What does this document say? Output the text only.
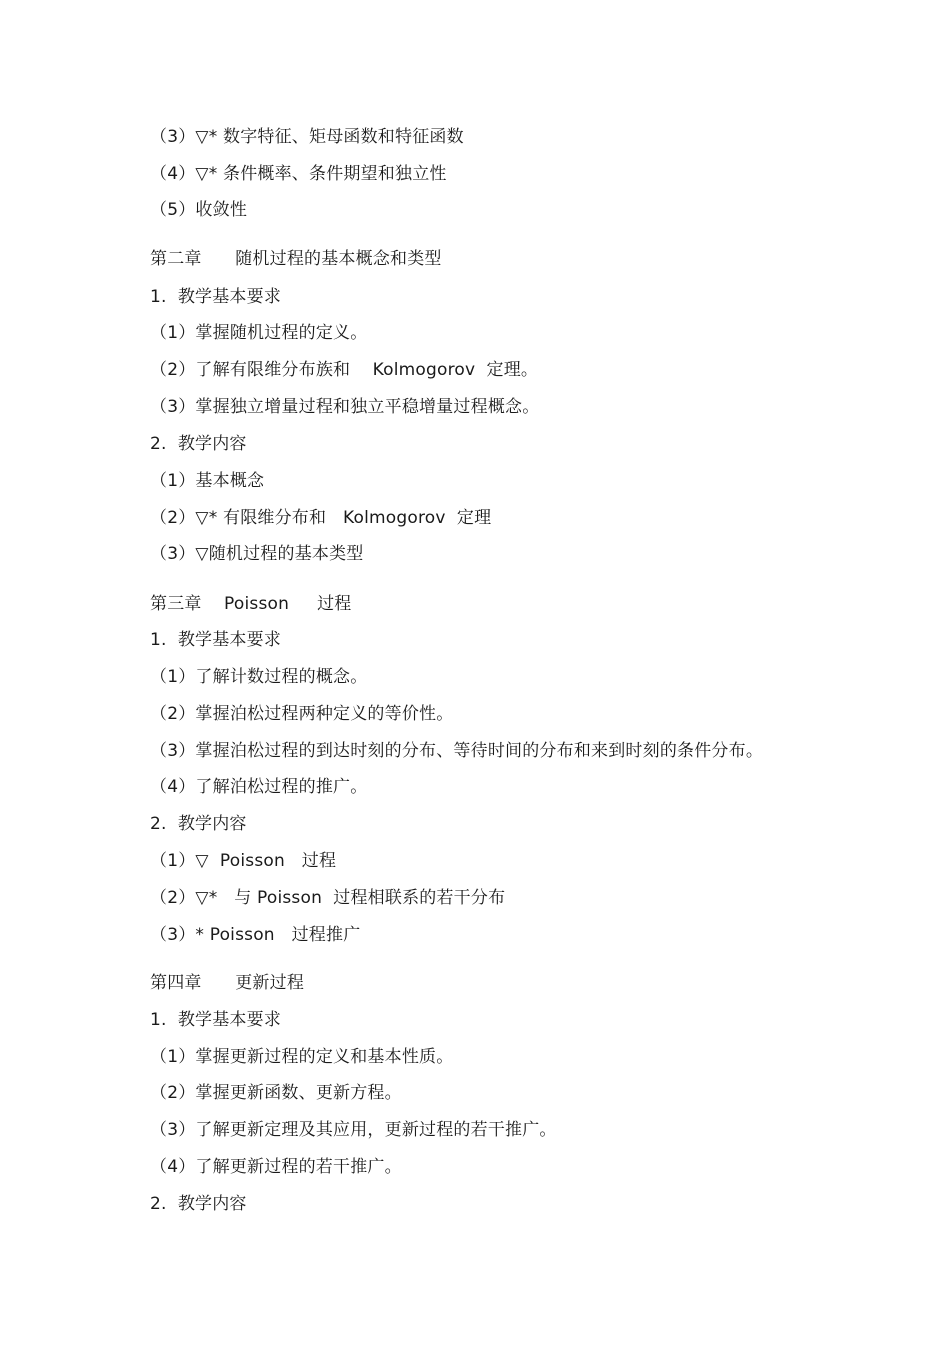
（3）▽* 数字特征、矩母函数和特征函数
（4）▽* 条件概率、条件期望和独立性
（5）收敛性
第二章      随机过程的基本概念和类型
1.  教学基本要求
（1）掌握随机过程的定义。
（2）了解有限维分布族和    Kolmogorov  定理。
（3）掌握独立增量过程和独立平稳增量过程概念。
2.  教学内容
（1）基本概念
（2）▽* 有限维分布和   Kolmogorov  定理
（3）▽随机过程的基本类型
第三章    Poisson     过程
1.  教学基本要求
（1）了解计数过程的概念。
（2）掌握泊松过程两种定义的等价性。
（3）掌握泊松过程的到达时刻的分布、等待时间的分布和来到时刻的条件分布。
（4）了解泊松过程的推广。
2.  教学内容
（1）▽  Poisson   过程
（2）▽*   与 Poisson  过程相联系的若干分布
（3）* Poisson   过程推广
第四章      更新过程
1.  教学基本要求
（1）掌握更新过程的定义和基本性质。
（2）掌握更新函数、更新方程。
（3）了解更新定理及其应用，更新过程的若干推广。
（4）了解更新过程的若干推广。
2.  教学内容
